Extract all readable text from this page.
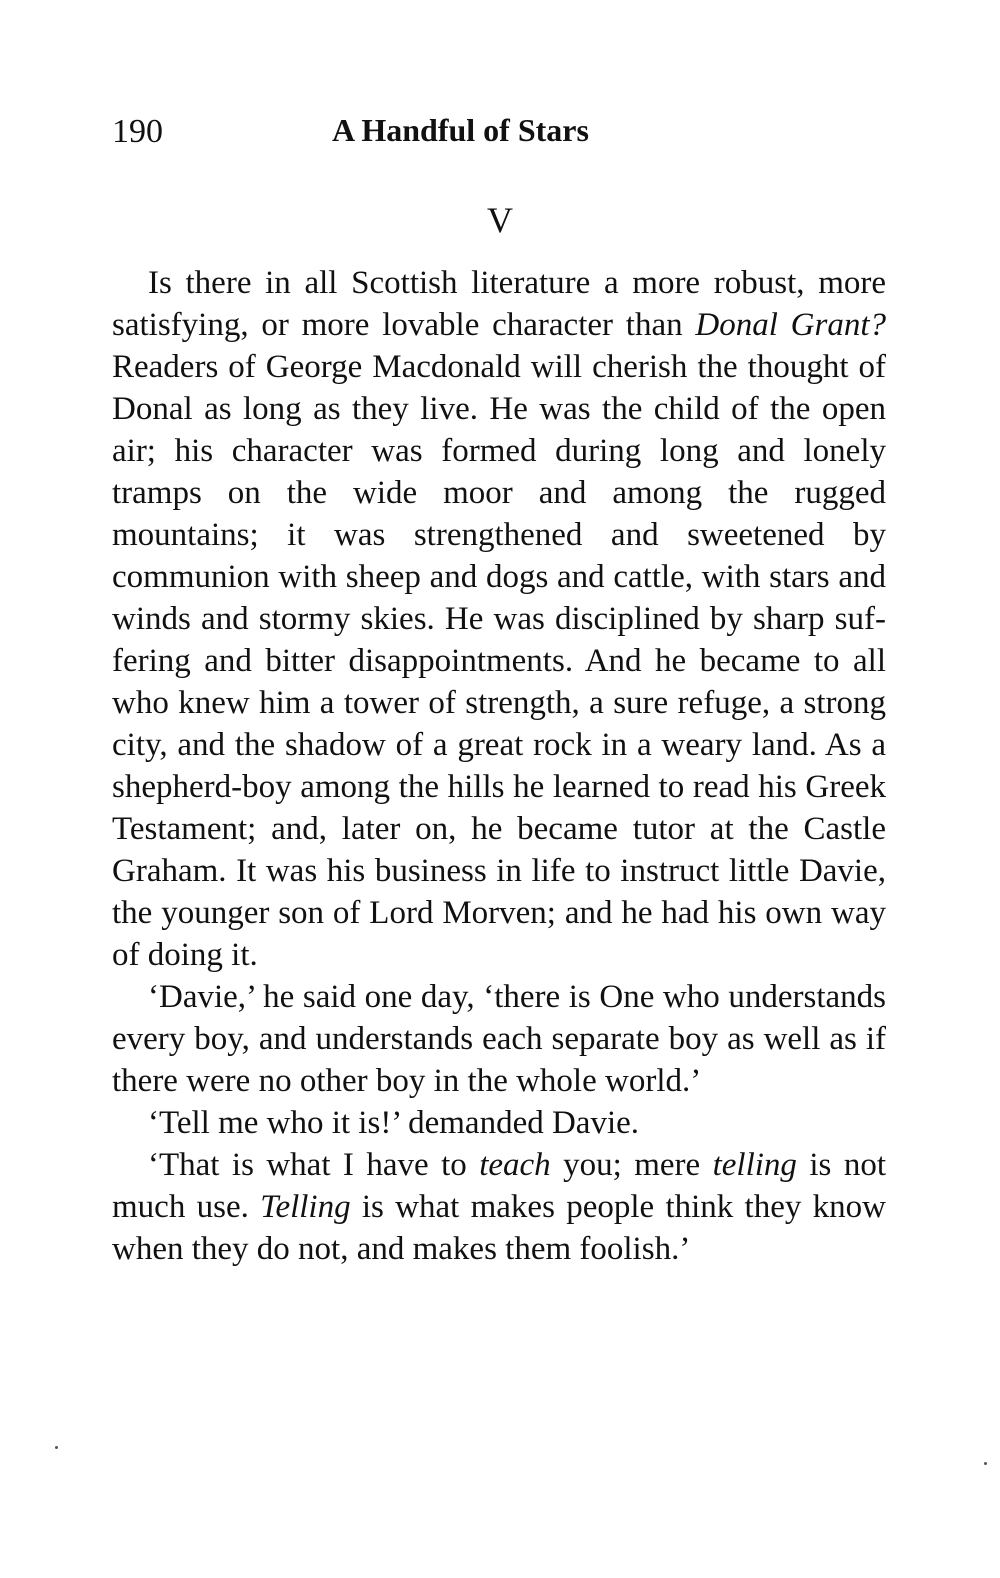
190	A Handful of Stars
V

Is there in all Scottish literature a more robust, more satisfying, or more lovable character than Donal Grant? Readers of George Macdonald will cherish the thought of Donal as long as they live. He was the child of the open air; his character was formed during long and lonely tramps on the wide moor and among the rugged mountains; it was strengthened and sweetened by communion with sheep and dogs and cattle, with stars and winds and stormy skies. He was disciplined by sharp suffering and bitter disappointments. And he became to all who knew him a tower of strength, a sure refuge, a strong city, and the shadow of a great rock in a weary land. As a shepherd-boy among the hills he learned to read his Greek Testament; and, later on, he became tutor at the Castle Graham. It was his business in life to instruct little Davie, the younger son of Lord Morven; and he had his own way of doing it.

‘Davie,’ he said one day, ‘there is One who understands every boy, and understands each separate boy as well as if there were no other boy in the whole world.’

‘Tell me who it is!’ demanded Davie.

‘That is what I have to teach you; mere telling is not much use. Telling is what makes people think they know when they do not, and makes them foolish.’
